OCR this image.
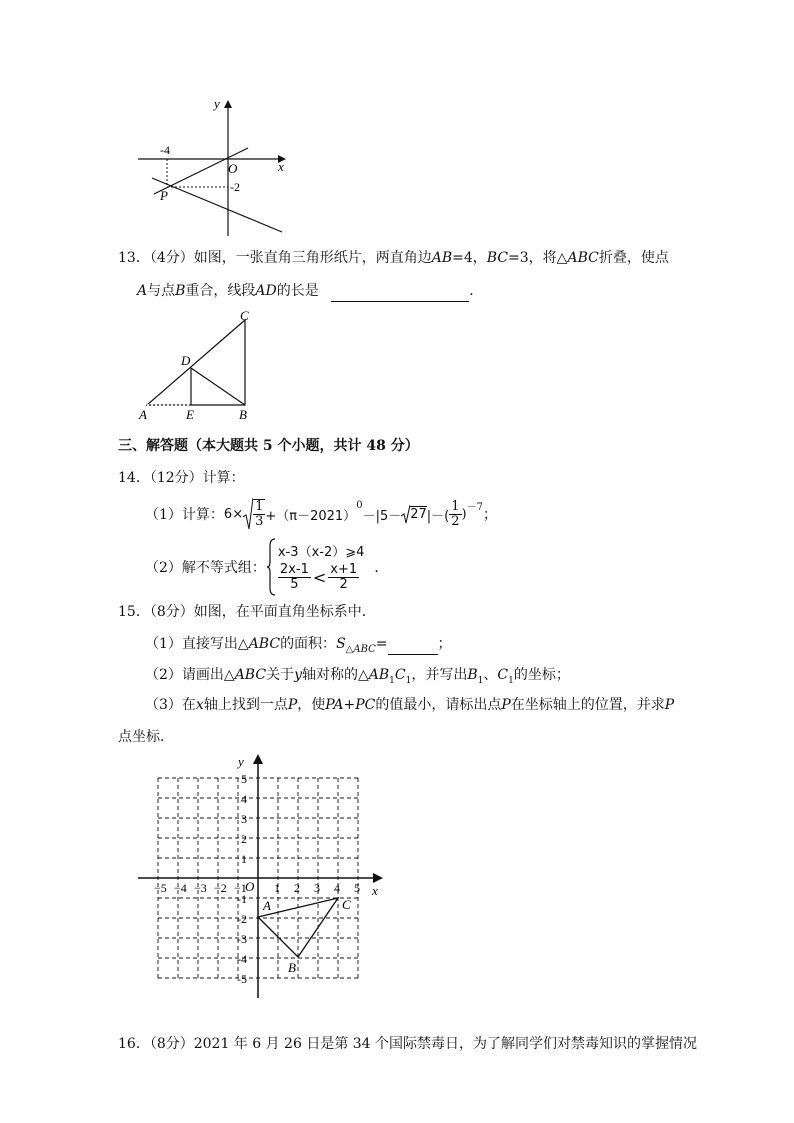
y
x
O
-4
-2
P
13．（4分）如图，一张直角三角形纸片，两直角边AB=4，BC=3，将△ABC折叠，使点
A与点B重合，线段AD的长是	．
C
D
A	E	B
三、解答题（本大题共 5 个小题，共计 48 分）
14．（12分）计算：
（1）计算： $6\times \frac{1}{3} +(\pi-2021)$
$^0$
－|5－ 27 |－( $\frac{1}{2} )^{-7}$ ；
（2）解不等式组：
x-3（x-2）⩾4
$\frac{2x-1}{5} < \frac{x+1}{2}$ ．
15．（8分）如图，在平面直角坐标系中．
（1）直接写出△ABC的面积：$S_{\triangle ABC}=$	；
（2）请画出△ABC关于y轴对称的$\triangle AB_1C_1$，并写出$B_1$、$C_1$的坐标；
（3）在x轴上找到一点P，使PA+PC的值最小，请标出点P在坐标轴上的位置，并求P
点坐标．
−5 −4 −3 −2 −1 1 2 3 4 5
5
4
3
2
1
-1
-2
-3
-4
-5
x
y
O
A
B
C
16．（8分）2021 年 6 月 26 日是第 34 个国际禁毒日，为了解同学们对禁毒知识的掌握情况
